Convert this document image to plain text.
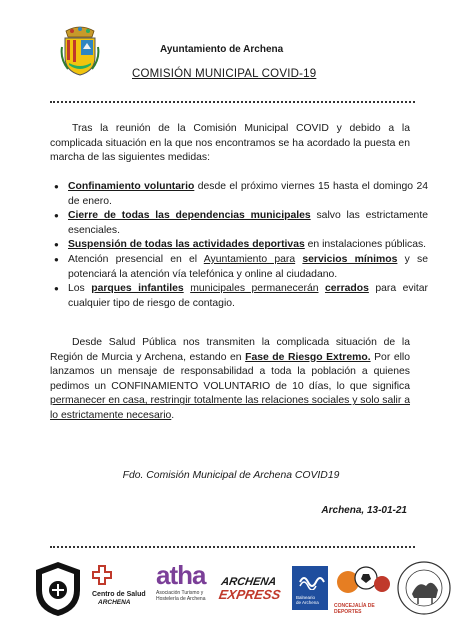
Ayuntamiento de Archena
COMISIÓN MUNICIPAL COVID-19
Tras la reunión de la Comisión Municipal COVID y debido a la complicada situación en la que nos encontramos se ha acordado la puesta en marcha de las siguientes medidas:
● Confinamiento voluntario desde el próximo viernes 15 hasta el domingo 24 de enero.
● Cierre de todas las dependencias municipales salvo las estrictamente esenciales.
● Suspensión de todas las actividades deportivas en instalaciones públicas.
● Atención presencial en el Ayuntamiento para servicios mínimos y se potenciará la atención vía telefónica y online al ciudadano.
● Los parques infantiles municipales permanecerán cerrados para evitar cualquier tipo de riesgo de contagio.
Desde Salud Pública nos transmiten la complicada situación de la Región de Murcia y Archena, estando en Fase de Riesgo Extremo. Por ello lanzamos un mensaje de responsabilidad a toda la población a quienes pedimos un CONFINAMIENTO VOLUNTARIO de 10 días, lo que significa permanecer en casa, restringir totalmente las relaciones sociales y solo salir a lo estrictamente necesario.
Fdo. Comisión Municipal de Archena COVID19
Archena, 13-01-21
Centro de Salud
ARCHENA
atha
Asociación Turismo y
Hostelería de Archena
ARCHENA
EXPRESS	Balneario
de Archena
CONCEJALÍA DE DEPORTES
